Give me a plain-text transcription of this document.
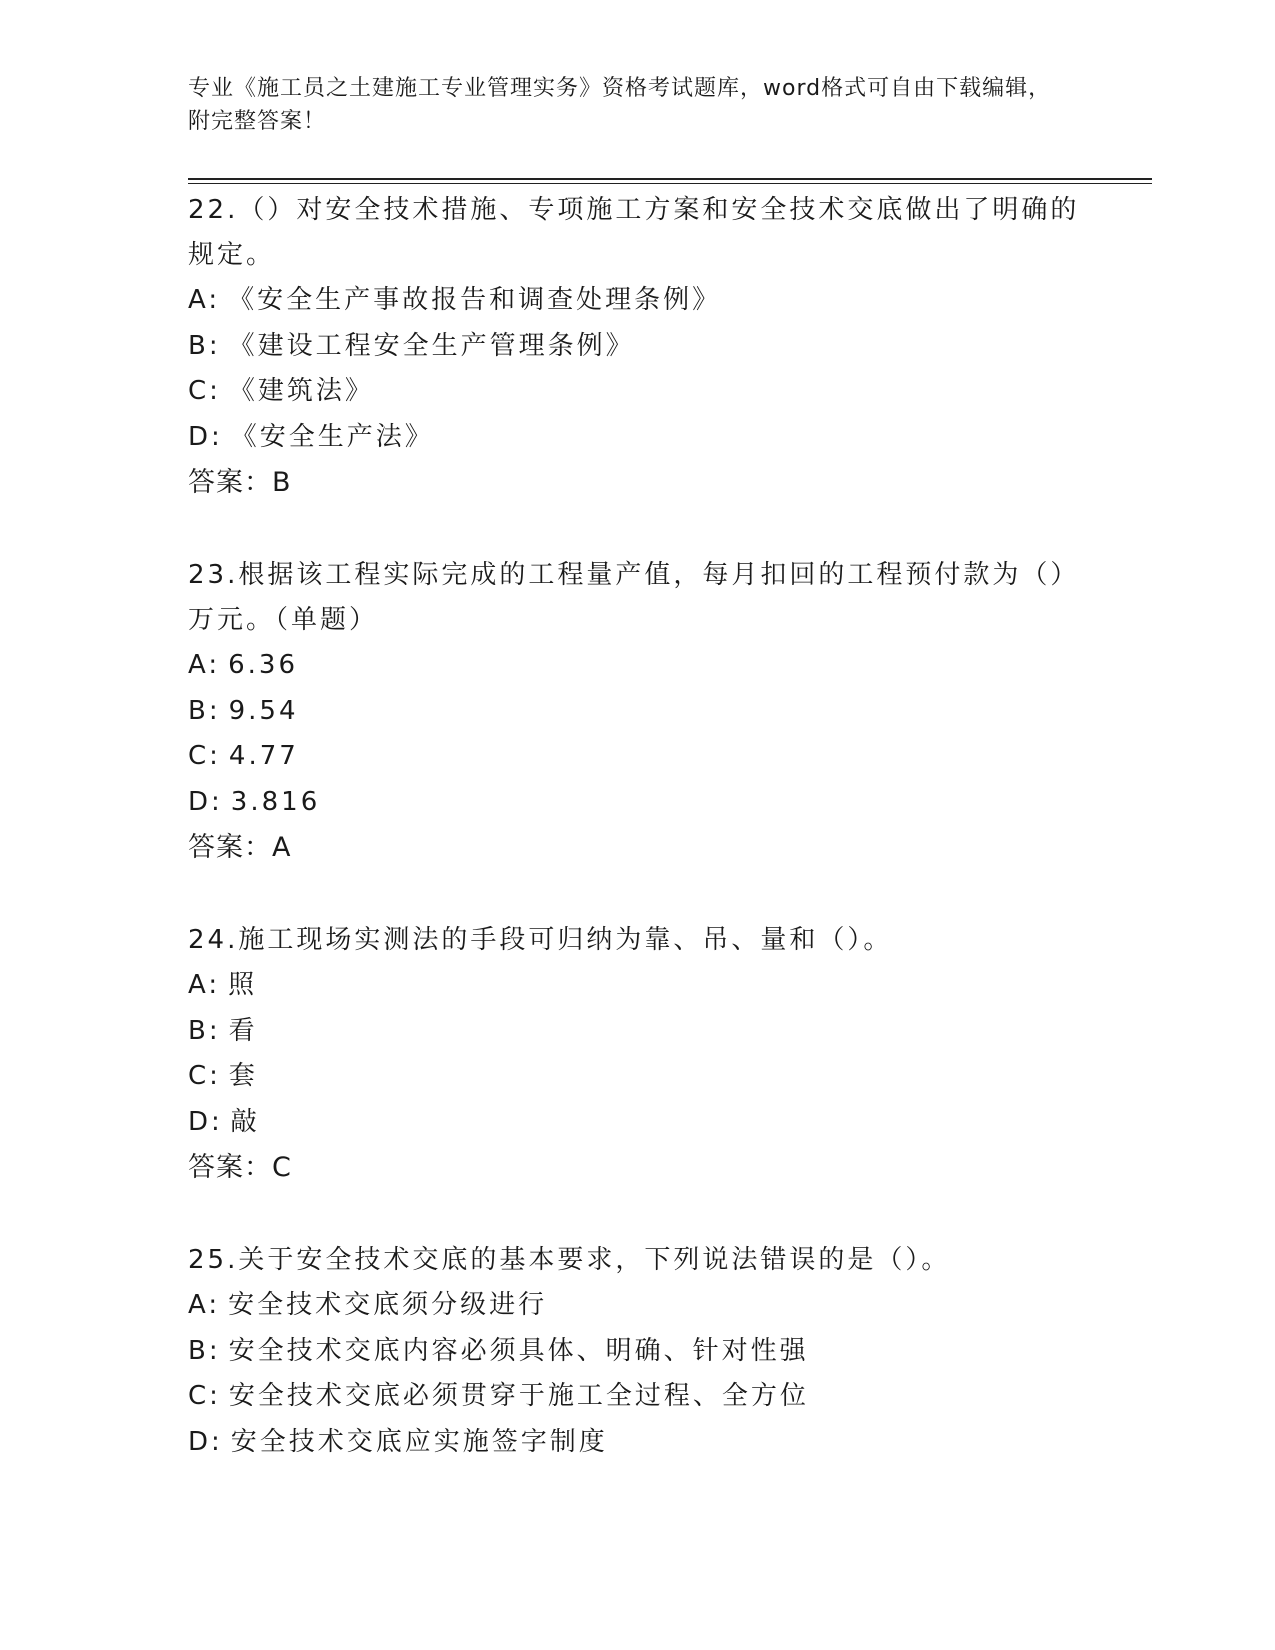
专业《施工员之土建施工专业管理实务》资格考试题库，word格式可自由下载编辑，附完整答案！

22.（）对安全技术措施、专项施工方案和安全技术交底做出了明确的规定。

A: 《安全生产事故报告和调查处理条例》

B: 《建设工程安全生产管理条例》

C: 《建筑法》

D: 《安全生产法》

答案：B

23.根据该工程实际完成的工程量产值，每月扣回的工程预付款为（）万元。（单题）

A: 6.36

B: 9.54

C: 4.77

D: 3.816

答案：A

24.施工现场实测法的手段可归纳为靠、吊、量和（）。

A: 照

B: 看

C: 套

D: 敲

答案：C

25.关于安全技术交底的基本要求，下列说法错误的是（）。

A: 安全技术交底须分级进行

B: 安全技术交底内容必须具体、明确、针对性强

C: 安全技术交底必须贯穿于施工全过程、全方位

D: 安全技术交底应实施签字制度
